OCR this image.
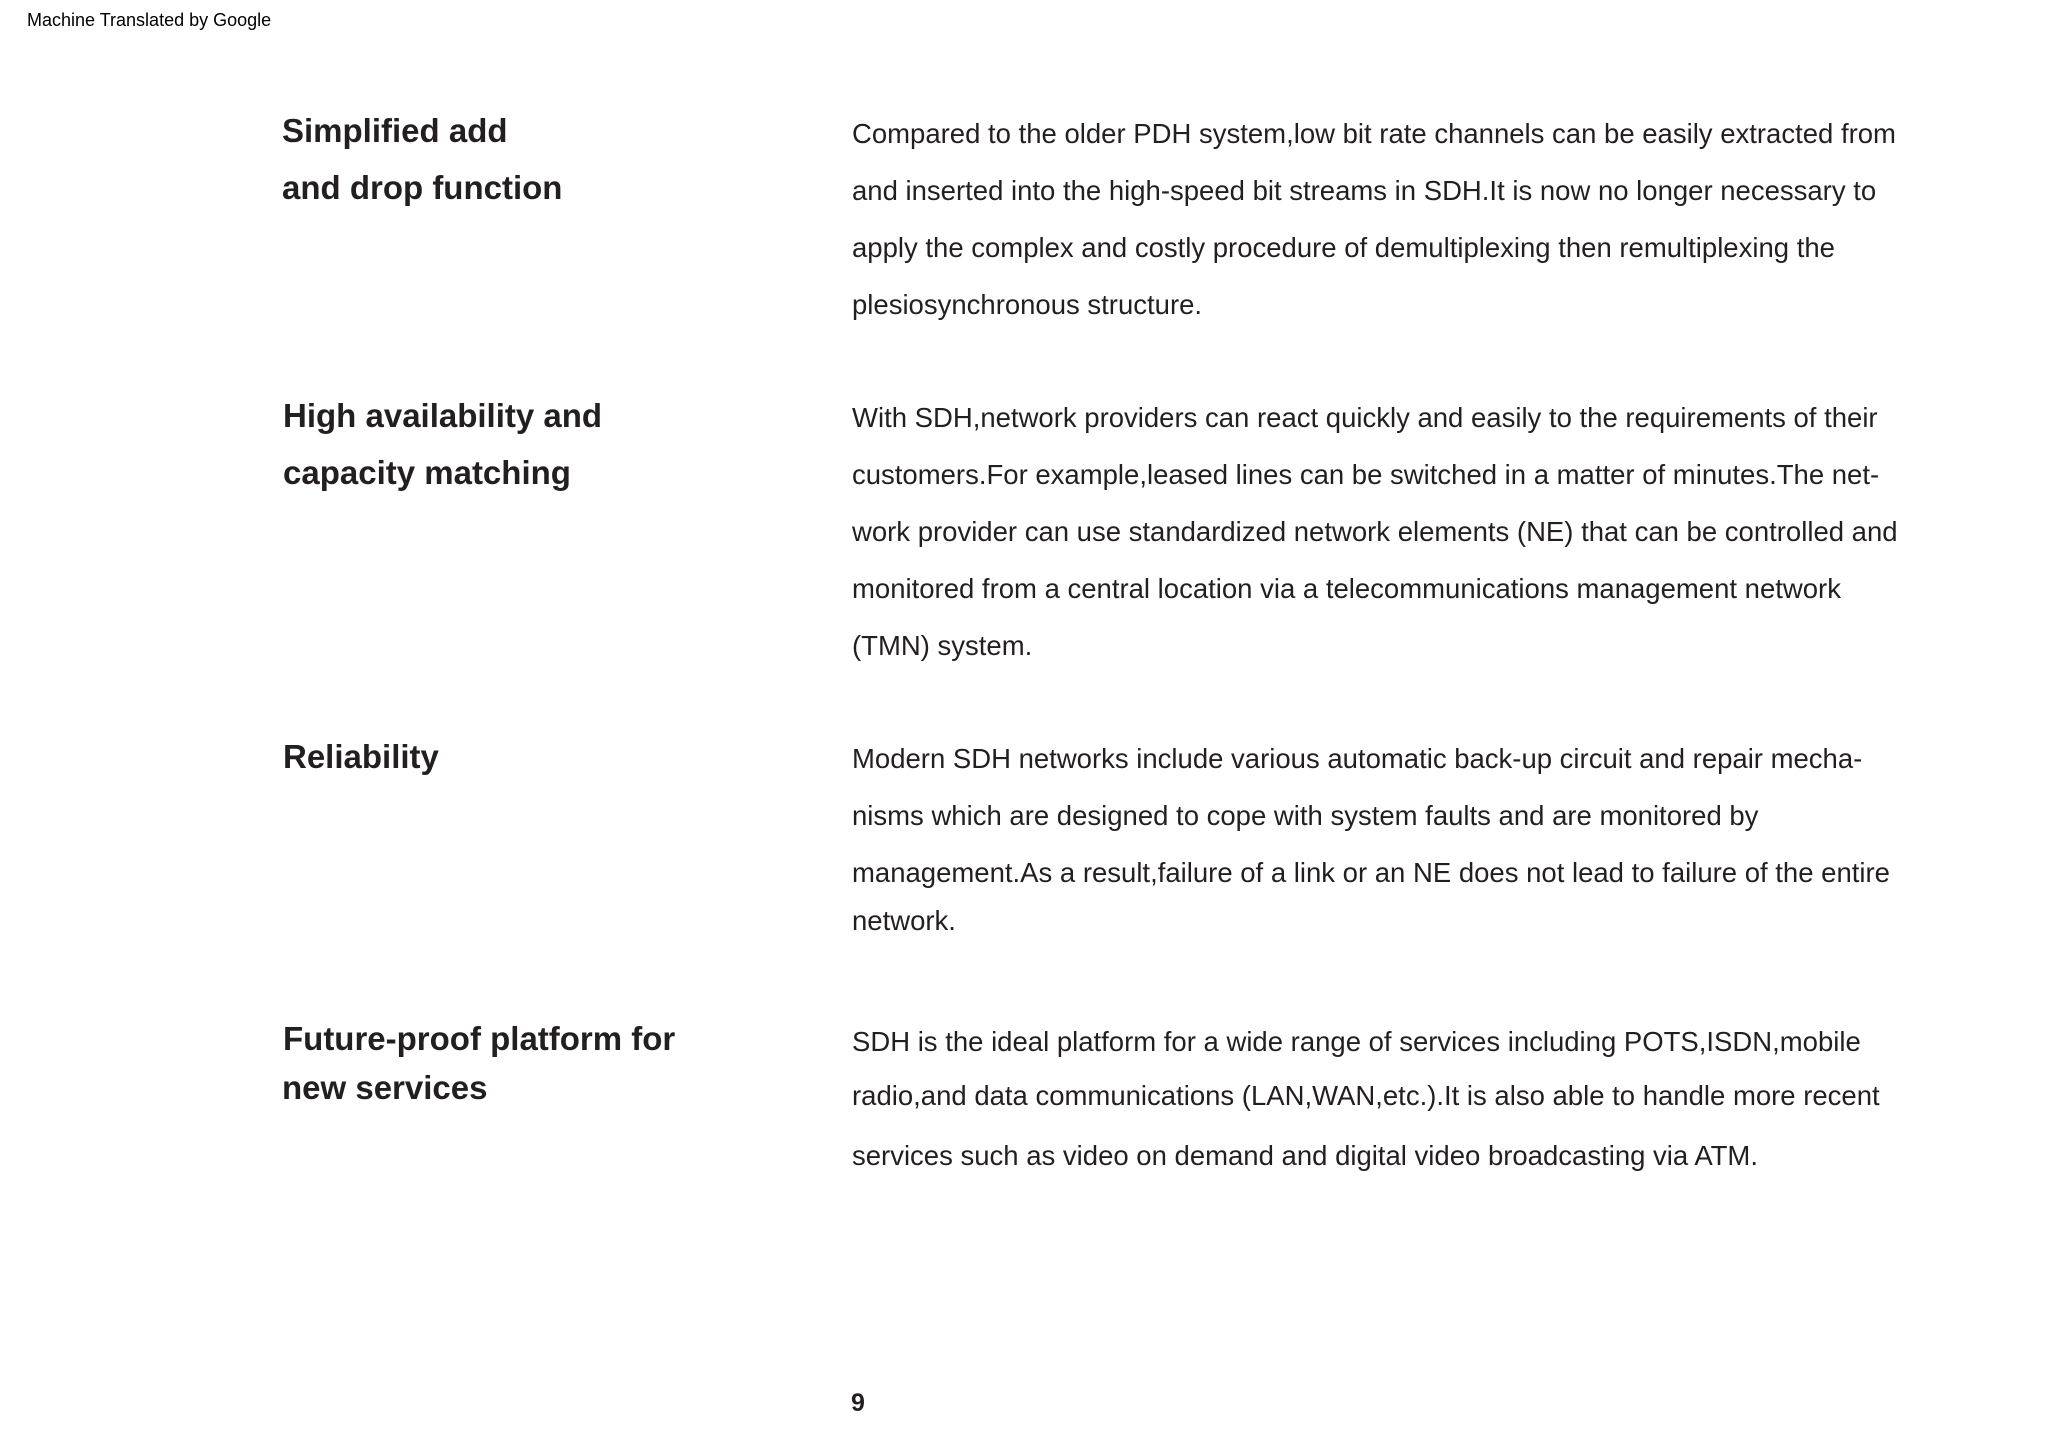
Machine Translated by Google
Simplified add
and drop function
Compared to the older PDH system,low bit rate channels can be easily extracted from
and inserted into the high-speed bit streams in SDH.It is now no longer necessary to
apply the complex and costly procedure of demultiplexing then remultiplexing the
plesiosynchronous structure.
High availability and
capacity matching
With SDH,network providers can react quickly and easily to the requirements of their
customers.For example,leased lines can be switched in a matter of minutes.The net-
work provider can use standardized network elements (NE) that can be controlled and
monitored from a central location via a telecommunications management network
(TMN) system.
Reliability	Modern SDH networks include various automatic back-up circuit and repair mecha-
nisms which are designed to cope with system faults and are monitored by
management.As a result,failure of a link or an NE does not lead to failure of the entire
network.
Future-proof platform for
new services
SDH is the ideal platform for a wide range of services including POTS,ISDN,mobile
radio,and data communications (LAN,WAN,etc.).It is also able to handle more recent
services such as video on demand and digital video broadcasting via ATM.
9
